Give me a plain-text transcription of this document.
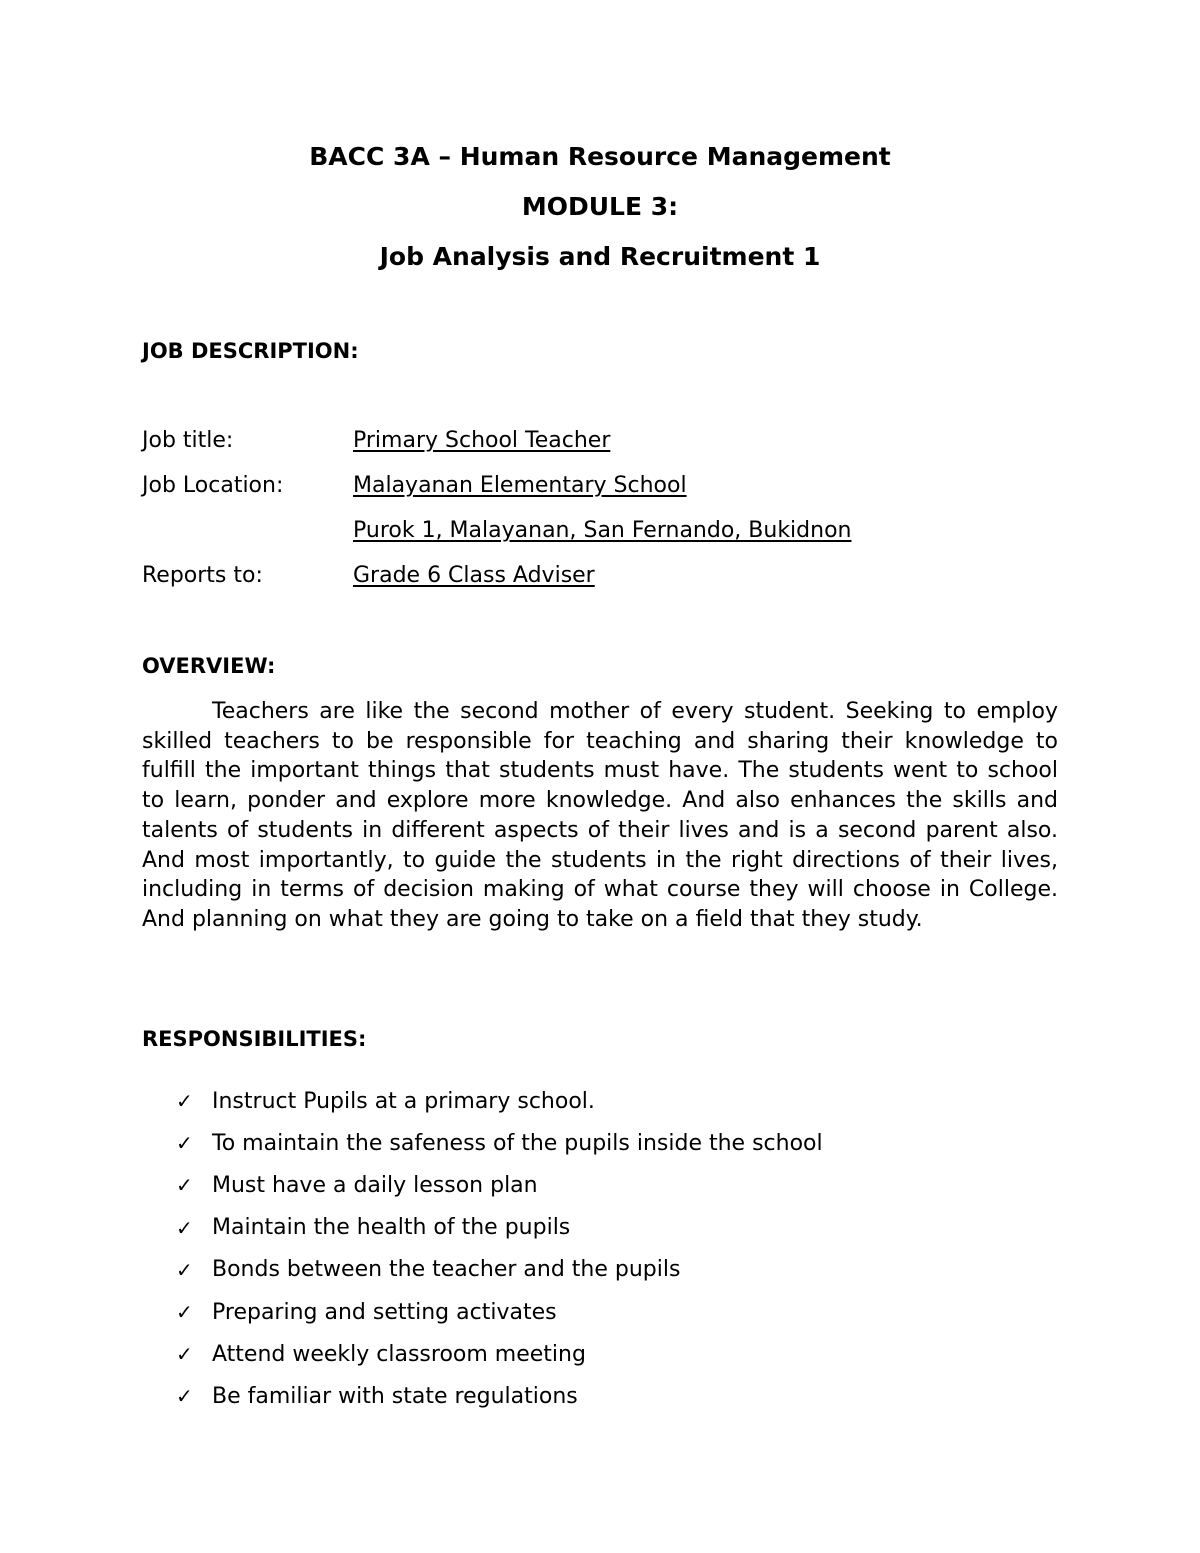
BACC 3A – Human Resource Management
MODULE 3:
Job Analysis and Recruitment 1
JOB DESCRIPTION:
Job title:	Primary School Teacher
Job Location:	Malayanan Elementary School
Purok 1, Malayanan, San Fernando, Bukidnon
Reports to:	Grade 6 Class Adviser
OVERVIEW:

Teachers are like the second mother of every student. Seeking to employ skilled teachers to be responsible for teaching and sharing their knowledge to fulfill the important things that students must have. The students went to school to learn, ponder and explore more knowledge. And also enhances the skills and talents of students in different aspects of their lives and is a second parent also. And most importantly, to guide the students in the right directions of their lives, including in terms of decision making of what course they will choose in College. And planning on what they are going to take on a field that they study.

RESPONSIBILITIES:
✓ Instruct Pupils at a primary school.
✓ To maintain the safeness of the pupils inside the school
✓ Must have a daily lesson plan
✓ Maintain the health of the pupils
✓ Bonds between the teacher and the pupils
✓ Preparing and setting activates
✓ Attend weekly classroom meeting
✓ Be familiar with state regulations
